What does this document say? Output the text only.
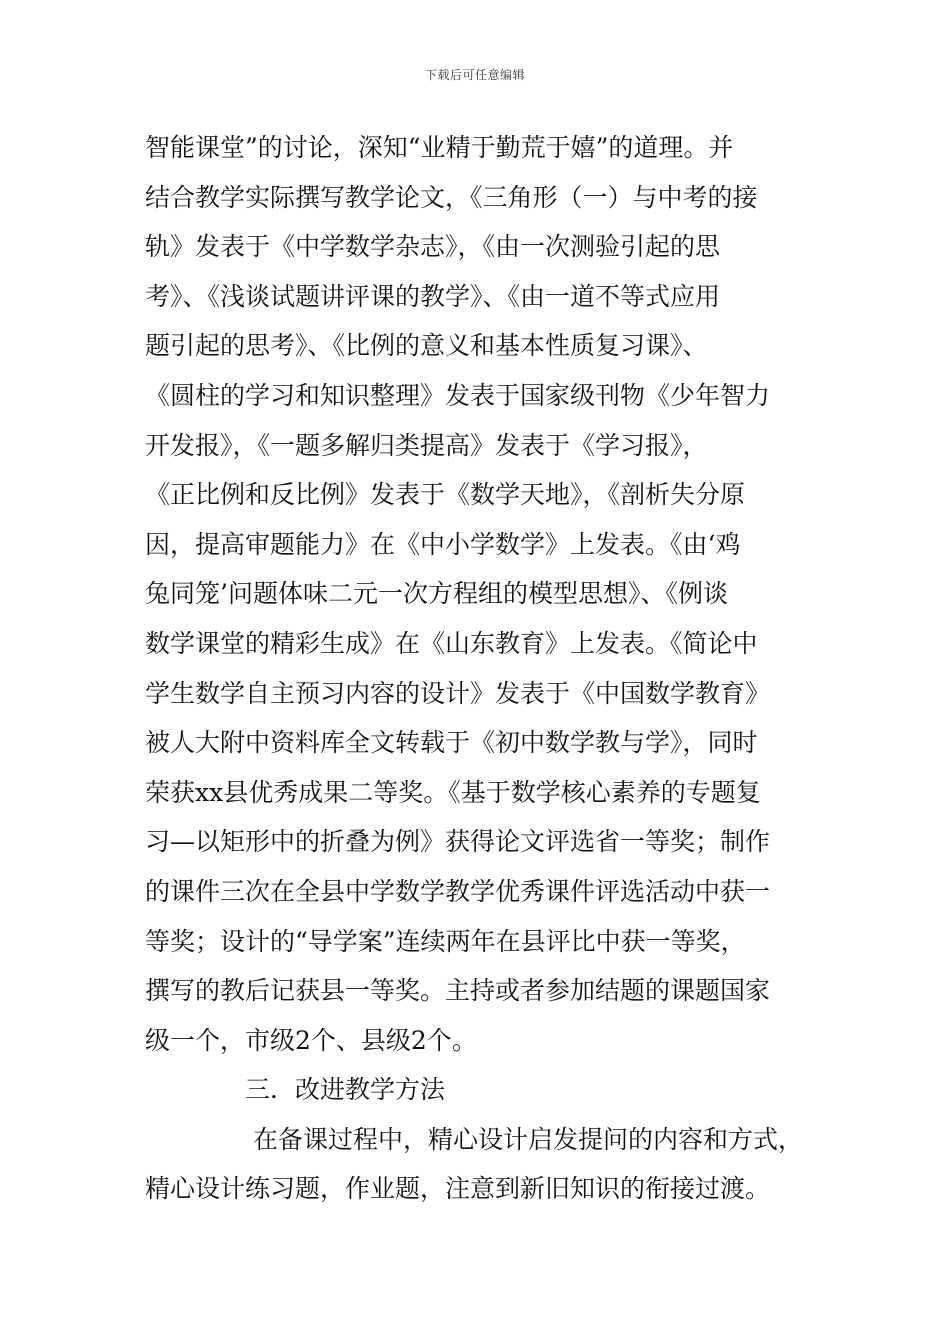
下载后可任意编辑
智能课堂”的讨论，深知“业精于勤荒于嬉”的道理。并
结合教学实际撰写教学论文，《三角形（一）与中考的接
轨》发表于《中学数学杂志》，《由一次测验引起的思
考》、《浅谈试题讲评课的教学》、《由一道不等式应用
题引起的思考》、《比例的意义和基本性质复习课》、
《圆柱的学习和知识整理》发表于国家级刊物《少年智力
开发报》，《一题多解归类提高》发表于《学习报》，
《正比例和反比例》发表于《数学天地》，《剖析失分原
因，提高审题能力》在《中小学数学》上发表。《由‘鸡
兔同笼’问题体味二元一次方程组的模型思想》、《例谈
数学课堂的精彩生成》在《山东教育》上发表。《简论中
学生数学自主预习内容的设计》发表于《中国数学教育》
被人大附中资料库全文转载于《初中数学教与学》，同时
荣获xx县优秀成果二等奖。《基于数学核心素养的专题复
习—以矩形中的折叠为例》获得论文评选省一等奖；制作
的课件三次在全县中学数学教学优秀课件评选活动中获一
等奖；设计的“导学案”连续两年在县评比中获一等奖，
撰写的教后记获县一等奖。主持或者参加结题的课题国家
级一个，市级2个、县级2个。
三．改进教学方法
在备课过程中，精心设计启发提问的内容和方式，
精心设计练习题，作业题，注意到新旧知识的衔接过渡。
